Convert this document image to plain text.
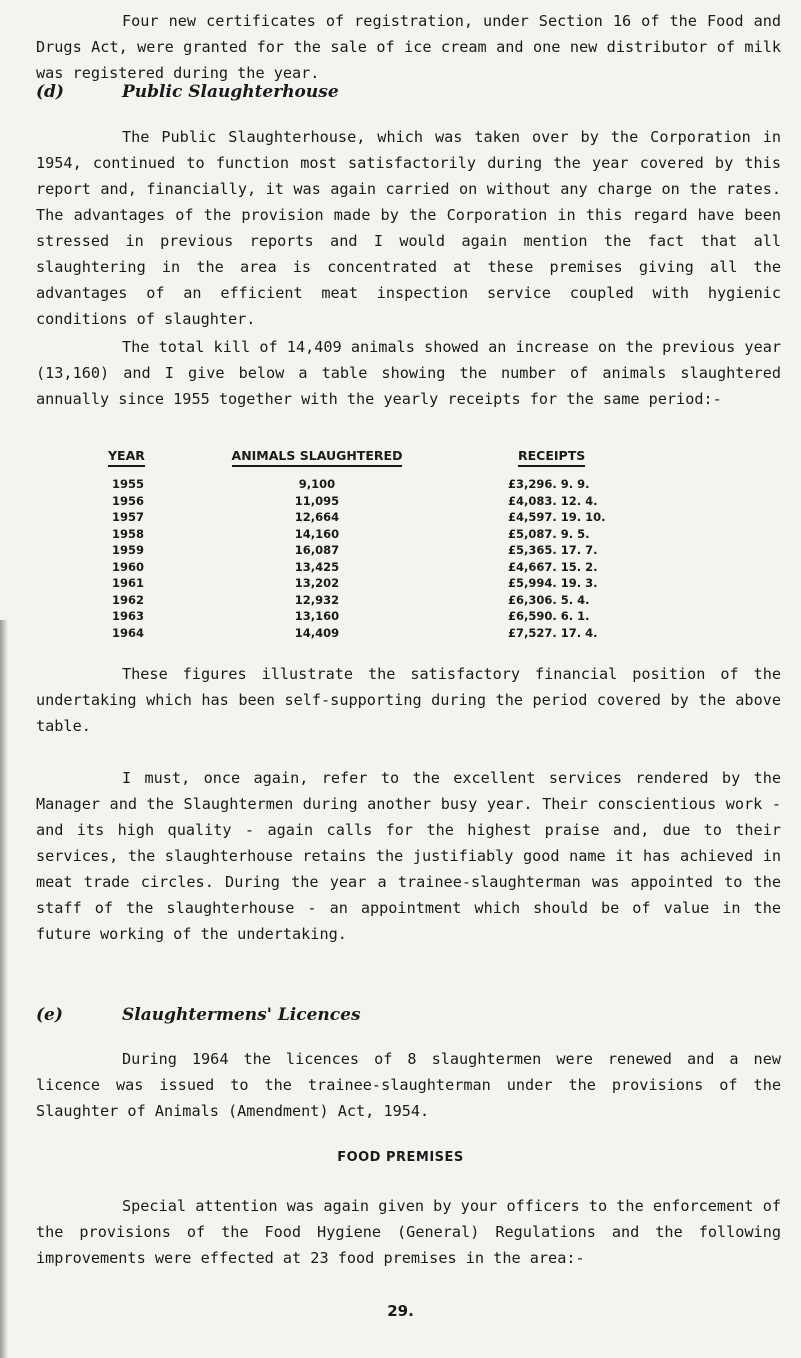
Four new certificates of registration, under Section 16 of the Food and Drugs Act, were granted for the sale of ice cream and one new distributor of milk was registered during the year.

(d)	Public Slaughterhouse

The Public Slaughterhouse, which was taken over by the Corporation in 1954, continued to function most satisfactorily during the year covered by this report and, financially, it was again carried on without any charge on the rates. The advantages of the provision made by the Corporation in this regard have been stressed in previous reports and I would again mention the fact that all slaughtering in the area is concentrated at these premises giving all the advantages of an efficient meat inspection service coupled with hygienic conditions of slaughter.

The total kill of 14,409 animals showed an increase on the previous year (13,160) and I give below a table showing the number of animals slaughtered annually since 1955 together with the yearly receipts for the same period:-

YEAR	ANIMALS SLAUGHTERED	RECEIPTS

1955	9,100	£3,296. 9. 9.
1956	11,095	£4,083. 12. 4.
1957	12,664	£4,597. 19. 10.
1958	14,160	£5,087. 9. 5.
1959	16,087	£5,365. 17. 7.
1960	13,425	£4,667. 15. 2.
1961	13,202	£5,994. 19. 3.
1962	12,932	£6,306. 5. 4.
1963	13,160	£6,590. 6. 1.
1964	14,409	£7,527. 17. 4.

These figures illustrate the satisfactory financial position of the undertaking which has been self-supporting during the period covered by the above table.

I must, once again, refer to the excellent services rendered by the Manager and the Slaughtermen during another busy year. Their conscientious work - and its high quality - again calls for the highest praise and, due to their services, the slaughterhouse retains the justifiably good name it has achieved in meat trade circles. During the year a trainee-slaughterman was appointed to the staff of the slaughterhouse - an appointment which should be of value in the future working of the undertaking.

(e)	Slaughtermens' Licences

During 1964 the licences of 8 slaughtermen were renewed and a new licence was issued to the trainee-slaughterman under the provisions of the Slaughter of Animals (Amendment) Act, 1954.

FOOD PREMISES

Special attention was again given by your officers to the enforcement of the provisions of the Food Hygiene (General) Regulations and the following improvements were effected at 23 food premises in the area:-

29.
